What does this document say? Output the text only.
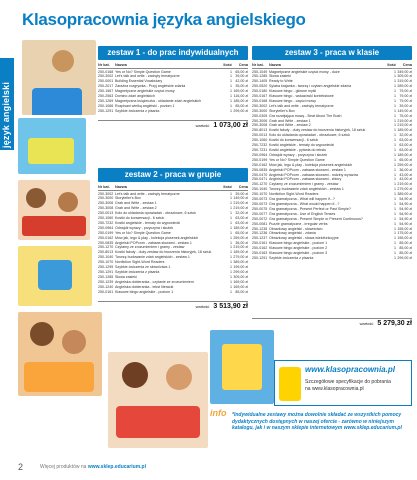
język angielski
Klasopracownia języka angielskiego
zestaw 1 - do prac indywidualnych
Nr kat.	Nazwa	Ilość	Cena
250-0168 Yes or No? Simple Question Game	1 65,00 zł
250-3002 Let's talk and write - zachęty tematyczne	1 39,00 zł
250-0001 Building Essential Vocabulary	1 42,00 zł
250-2017 Zarażna rozgrywka - Przyj angielskie zdania	1 35,00 zł
250-1567 Magnetyczne angielskie części mowy	1 169,00 zł
250-2563 Domino zdań angielskich	1 116,00 zł
250-1269 Magnetyczna książeczka - układanie zdań angielskich	1 185,00 zł
250-1066 Rozpisani wielką angielski - poziom 1	1 85,00 zł
250-1291 Szybkie ćwiczenia z pisania	1 299,00 zł
wartość 1 073,00 zł
zestaw 2 - praca w grupie
Nr kat.	Nazwa	Ilość	Cena
250-3002 Let's talk and write - zachęty tematyczne	1 39,00 zł
250-3000 Storyteller's Box	1 149,00 zł
250-3006 Grab and Write - zestaw 1	1 219,00 zł
250-3008 Grab and Write - zestaw 2	1 219,00 zł
250-0013 Koło do układania opowiadań - obrazkowe, 6 sztuk	1 32,00 zł
250-1060 Kostki do konwersacji - 6 sztuk	1 63,00 zł
250-7232 Kostki angielskie - tematy do wypowiedzi	1 63,00 zł
250-0964 Odnajdź wyrazy - przyczyna i skutek	1 189,00 zł
250-0199 Yes or No? Simple Question Game	1 65,00 zł
250-0162 Mów jak, lego & play - kolekcja piosenek angielskich	1 259,00 zł
250-0835 Angielski POPcorn - zabawa słowami - zestaw 1	1 36,00 zł
250-1270 Czytamy ze zrozumieniem i gramy - zestaw	1 219,00 zł
250-8013 Kostki fabuły - duży zestaw do tworzenia historyjek, 18 sztuk	1 189,00 zł
250-1040 Tworzę budowanie zdań angielskich - zestaw 1	1 279,00 zł
250-1070 Nonfiction Sight-Word Readers	1 389,00 zł
250-1295 Szybkie ćwiczenia ze słownictwa 1	1 199,00 zł
250-1291 Szybkie ćwiczenia z pisania	1 299,00 zł
250-1285 Słowa zasieki	1 309,00 zł
250-1239 Angielska dobieranka - czytanie ze zrozumieniem	1 169,00 zł
250-1240 Angielska dobieranka - tekst literacki	1 169,00 zł
250-0161 Klasowe bingo angielskie - poziom 1	1 85,00 zł
wartość 3 513,90 zł
zestaw 3 - praca w klasie
Nr kat.	Nazwa	Ilość	Cena
250-1049 Magnetyczne angielskie części mowy - duże	1 349,00 zł
250-1285 Słowa zasieki	1 309,00 zł
250-1405 Ready to Write	1 319,00 zł
250-0520 Sylaba krajanka - tworzę i czytam angielskie zdania	1 289,00 zł
250-0180 Klasowe bingo - główne myśli	1 79,00 zł
250-0167 Klasowe bingo - wskazówki kontekstowe	1 79,00 zł
250-0168 Klasowe bingo - części mowy	1 79,00 zł
250-3002 Let's talk and write - zachęty tematyczne	1 39,00 zł
250-3000 Storyteller's Box	1 149,00 zł
250-0305 Gra rozwijająca mowę - Beat About The Bush	1 75,00 zł
250-3006 Grab and Write - zestaw 1	1 219,00 zł
250-3008 Grab and Write - zestaw 2	1 219,00 zł
250-8013 Kostki fabuły - duży zestaw do tworzenia historyjek, 18 sztuk	1 189,00 zł
250-0013 Koło do układania opowiadań - obrazkowe, 6 sztuk	1 32,00 zł
250-1060 Kostki do konwersacji - 6 sztuk	1 63,00 zł
250-7232 Kostki angielskie - tematy do wypowiedzi	1 63,00 zł
250-7231 Kostki angielskie - pytania do tekstu	1 63,00 zł
250-0964 Odnajdź wyrazy - przyczyna i skutek	1 189,00 zł
250-0199 Yes or No? Simple Question Game	1 65,00 zł
250-0162 Mów jak, lego & play - kolekcja piosenek angielskich	1 259,00 zł
250-0835 Angielski POPcorn - zabawa słowami - zestaw 1	1 36,00 zł
250-0470 Angielski POPcorn - zabawa słowami - rodziny wyrazów	1 43,00 zł
250-0471 Angielski POPcorn - zabawa słowami - zbiory	1 43,00 zł
250-1270 Czytamy ze zrozumieniem i gramy - zestaw	1 219,00 zł
250-1040 Tworzę budowanie zdań angielskich - zestaw 1	1 279,00 zł
250-1070 Nonfiction Sight-Word Readers	1 389,00 zł
250-0073 Gra gramatyczna - What will happen if...?	1 54,90 zł
250-0073 Gra gramatyczna - What would happen if...?	1 54,90 zł
250-0075 Gra gramatyczna - Present Perfect or Past Simple?	1 54,90 zł
250-0077 Gra gramatyczna - Use of English Tenses	1 54,90 zł
250-0072 Gra gramatyczna - Present Simple or Present Continuous?	1 54,90 zł
250-0081 Puzzle gramatyczne - irregular verbs	1 54,90 zł
250-1235 Obrazkowy angielski - słownictwo	1 155,00 zł
250-1236 Obrazkowy angielski - zdania	1 175,00 zł
250-1237 Obrazkowy angielski - słowa wielofunkcyjne	1 155,00 zł
250-0161 Klasowe bingo angielskie - poziom 1	1 85,00 zł
250-0162 Klasowe bingo angielskie - poziom 2	1 85,00 zł
250-0163 Klasowe bingo angielskie - poziom 3	1 85,00 zł
250-1291 Szybkie ćwiczenia z pisania	1 299,00 zł
wartość 5 279,30 zł
www.klasopracownia.pl
Szczegółowe specyfikacje do pobrania
na www.klasopracownia.pl
info *Indywidualne zestawy można dowolnie składać ze wszystkich pomocy dydaktycznych dostępnych w naszej ofercie - zarówno w niniejszym katalogu, jak i w naszym sklepie internetowym www.sklep.educarium.pl
2	Więcej produktów na www.sklep.educarium.pl
